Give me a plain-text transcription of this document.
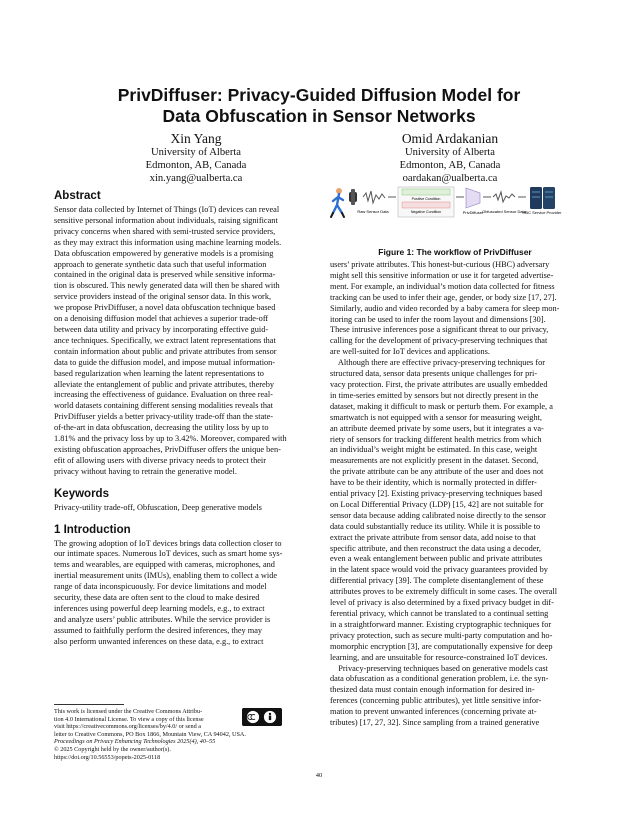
PrivDiffuser: Privacy-Guided Diffusion Model for
Data Obfuscation in Sensor Networks
Xin Yang
University of Alberta
Edmonton, AB, Canada
xin.yang@ualberta.ca
Omid Ardakanian
University of Alberta
Edmonton, AB, Canada
oardakan@ualberta.ca
Abstract

Sensor data collected by Internet of Things (IoT) devices can reveal
sensitive personal information about individuals, raising significant
privacy concerns when shared with semi-trusted service providers,
as they may extract this information using machine learning models.
Data obfuscation empowered by generative models is a promising
approach to generate synthetic data such that useful information
contained in the original data is preserved while sensitive informa-
tion is obscured. This newly generated data will then be shared with
service providers instead of the original sensor data. In this work,
we propose PrivDiffuser, a novel data obfuscation technique based
on a denoising diffusion model that achieves a superior trade-off
between data utility and privacy by incorporating effective guid-
ance techniques. Specifically, we extract latent representations that
contain information about public and private attributes from sensor
data to guide the diffusion model, and impose mutual information-
based regularization when learning the latent representations to
alleviate the entanglement of public and private attributes, thereby
increasing the effectiveness of guidance. Evaluation on three real-
world datasets containing different sensing modalities reveals that
PrivDiffuser yields a better privacy-utility trade-off than the state-
of-the-art in data obfuscation, decreasing the utility loss by up to
1.81% and the privacy loss by up to 3.42%. Moreover, compared with
existing obfuscation approaches, PrivDiffuser offers the unique ben-
efit of allowing users with diverse privacy needs to protect their
privacy without having to retrain the generative model.

Keywords

Privacy-utility trade-off, Obfuscation, Deep generative models

1 Introduction

The growing adoption of IoT devices brings data collection closer to
our intimate spaces. Numerous IoT devices, such as smart home sys-
tems and wearables, are equipped with cameras, microphones, and
inertial measurement units (IMUs), enabling them to collect a wide
range of data inconspicuously. For device limitations and model
security, these data are often sent to the cloud to make desired
inferences using powerful deep learning models, e.g., to extract
and analyze users’ public attributes. While the service provider is
assumed to faithfully perform the desired inferences, they may
also perform unwanted inferences on these data, e.g., to extract

Raw Sensor Data
Positive Condition
Negative Condition	PrivDiffuser
Obfuscated Sensor Data
HBC Service Provider
Figure 1: The workflow of PrivDiffuser

users’ private attributes. This honest-but-curious (HBC) adversary
might sell this sensitive information or use it for targeted advertise-
ment. For example, an individual’s motion data collected for fitness
tracking can be used to infer their age, gender, or body size [17, 27].
Similarly, audio and video recorded by a baby camera for sleep mon-
itoring can be used to infer the room layout and dimensions [30].
These intrusive inferences pose a significant threat to our privacy,
calling for the development of privacy-preserving techniques that
are well-suited for IoT devices and applications.
Although there are effective privacy-preserving techniques for
structured data, sensor data presents unique challenges for pri-
vacy protection. First, the private attributes are usually embedded
in time-series emitted by sensors but not directly present in the
dataset, making it difficult to mask or perturb them. For example, a
smartwatch is not equipped with a sensor for measuring weight,
an attribute deemed private by some users, but it integrates a va-
riety of sensors for tracking different health metrics from which
an individual’s weight might be estimated. In this case, weight
measurements are not explicitly present in the dataset. Second,
the private attribute can be any attribute of the user and does not
have to be their identity, which is normally protected in differ-
ential privacy [2]. Existing privacy-preserving techniques based
on Local Differential Privacy (LDP) [15, 42] are not suitable for
sensor data because adding calibrated noise directly to the sensor
data could substantially reduce its utility. While it is possible to
extract the private attribute from sensor data, add noise to that
specific attribute, and then reconstruct the data using a decoder,
even a weak entanglement between public and private attributes
in the latent space would void the privacy guarantees provided by
differential privacy [39]. The complete disentanglement of these
attributes proves to be extremely difficult in some cases. The overall
level of privacy is also determined by a fixed privacy budget in dif-
ferential privacy, which cannot be translated to a continual setting
in a straightforward manner. Existing cryptographic techniques for
privacy protection, such as secure multi-party computation and ho-
momorphic encryption [3], are computationally expensive for deep
learning, and are unsuitable for resource-constrained IoT devices.
Privacy-preserving techniques based on generative models cast
data obfuscation as a conditional generation problem, i.e. the syn-
thesized data must contain enough information for desired in-
ferences (concerning public attributes), yet little sensitive infor-
mation to prevent unwanted inferences (concerning private at-
tributes) [17, 27, 32]. Since sampling from a trained generative

This work is licensed under the Creative Commons Attribu-
tion 4.0 International License. To view a copy of this license
visit https://creativecommons.org/licenses/by/4.0/ or send a
letter to Creative Commons, PO Box 1866, Mountain View, CA 94042, USA.
Proceedings on Privacy Enhancing Technologies 2025(4), 40–55
© 2025 Copyright held by the owner/author(s).
https://doi.org/10.56553/popets-2025-0118
40
